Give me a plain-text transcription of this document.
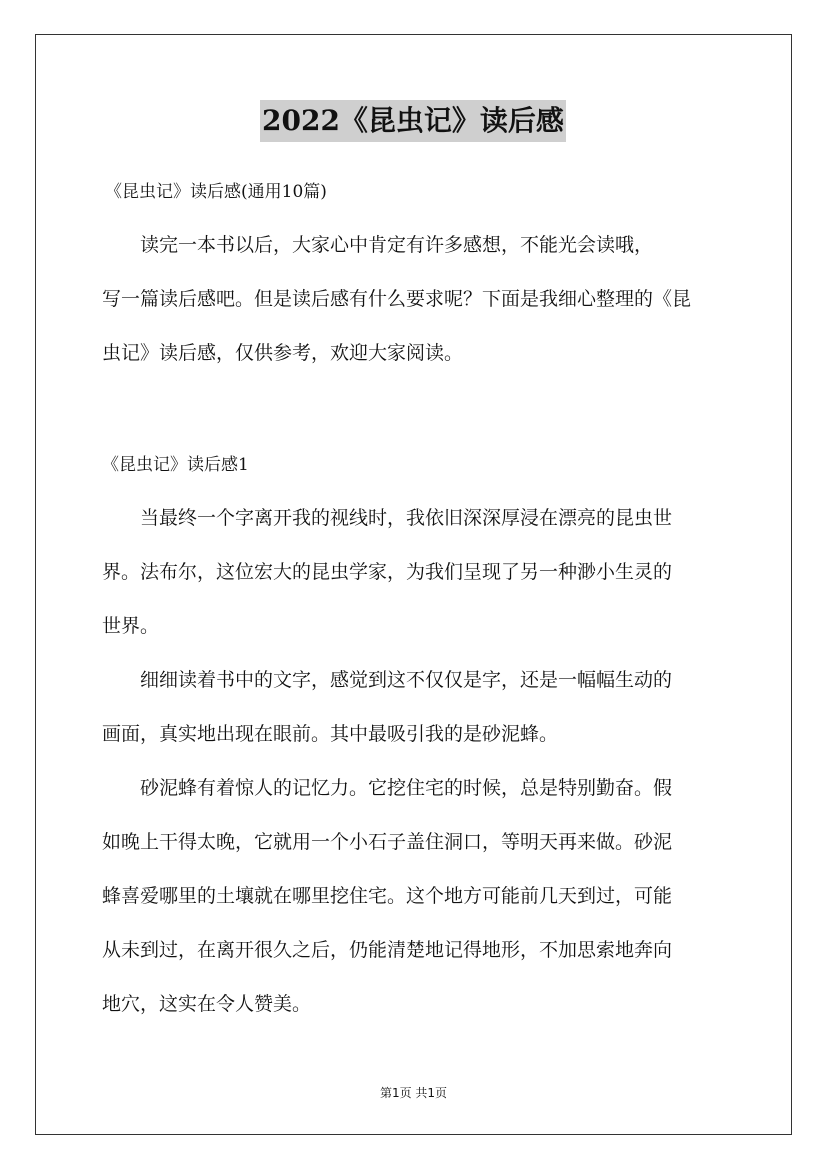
2022《昆虫记》读后感
《昆虫记》读后感(通用10篇)
　　读完一本书以后，大家心中肯定有许多感想，不能光会读哦，
写一篇读后感吧。但是读后感有什么要求呢？下面是我细心整理的《昆
虫记》读后感，仅供参考，欢迎大家阅读。
《昆虫记》读后感1
　　当最终一个字离开我的视线时，我依旧深深厚浸在漂亮的昆虫世
界。法布尔，这位宏大的昆虫学家，为我们呈现了另一种渺小生灵的
世界。
　　细细读着书中的文字，感觉到这不仅仅是字，还是一幅幅生动的
画面，真实地出现在眼前。其中最吸引我的是砂泥蜂。
　　砂泥蜂有着惊人的记忆力。它挖住宅的时候，总是特别勤奋。假
如晚上干得太晚，它就用一个小石子盖住洞口，等明天再来做。砂泥
蜂喜爱哪里的土壤就在哪里挖住宅。这个地方可能前几天到过，可能
从未到过，在离开很久之后，仍能清楚地记得地形，不加思索地奔向
地穴，这实在令人赞美。
第1页 共1页
